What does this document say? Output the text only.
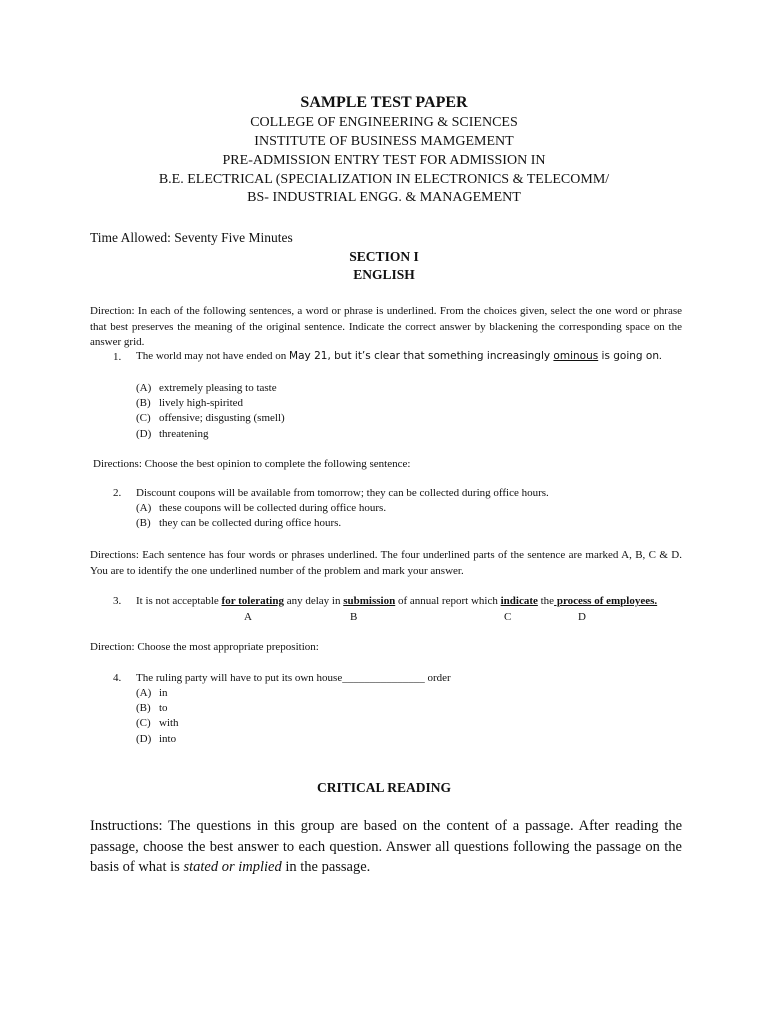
SAMPLE TEST PAPER
COLLEGE OF ENGINEERING & SCIENCES
INSTITUTE OF BUSINESS MAMGEMENT
PRE-ADMISSION ENTRY TEST FOR ADMISSION IN
B.E. ELECTRICAL (SPECIALIZATION IN ELECTRONICS & TELECOMM/
BS- INDUSTRIAL ENGG. & MANAGEMENT
Time Allowed: Seventy Five Minutes
SECTION I
ENGLISH
Direction: In each of the following sentences, a word or phrase is underlined. From the choices given, select the one word or phrase that best preserves the meaning of the original sentence. Indicate the correct answer by blackening the corresponding space on the answer grid.
1. The world may not have ended on May 21, but it’s clear that something increasingly ominous is going on.
(A) extremely pleasing to taste
(B) lively high-spirited
(C) offensive; disgusting (smell)
(D) threatening
Directions: Choose the best opinion to complete the following sentence:
2. Discount coupons will be available from tomorrow; they can be collected during office hours.
(A) these coupons will be collected during office hours.
(B) they can be collected during office hours.
Directions: Each sentence has four words or phrases underlined. The four underlined parts of the sentence are marked A, B, C & D. You are to identify the one underlined number of the problem and mark your answer.
3. It is not acceptable for tolerating any delay in submission of annual report which indicate the process of employees.
A	B	C	D
Direction: Choose the most appropriate preposition:
4. The ruling party will have to put its own house_______________ order
(A) in
(B) to
(C) with
(D) into
CRITICAL READING
Instructions: The questions in this group are based on the content of a passage. After reading the passage, choose the best answer to each question. Answer all questions following the passage on the basis of what is stated or implied in the passage.
